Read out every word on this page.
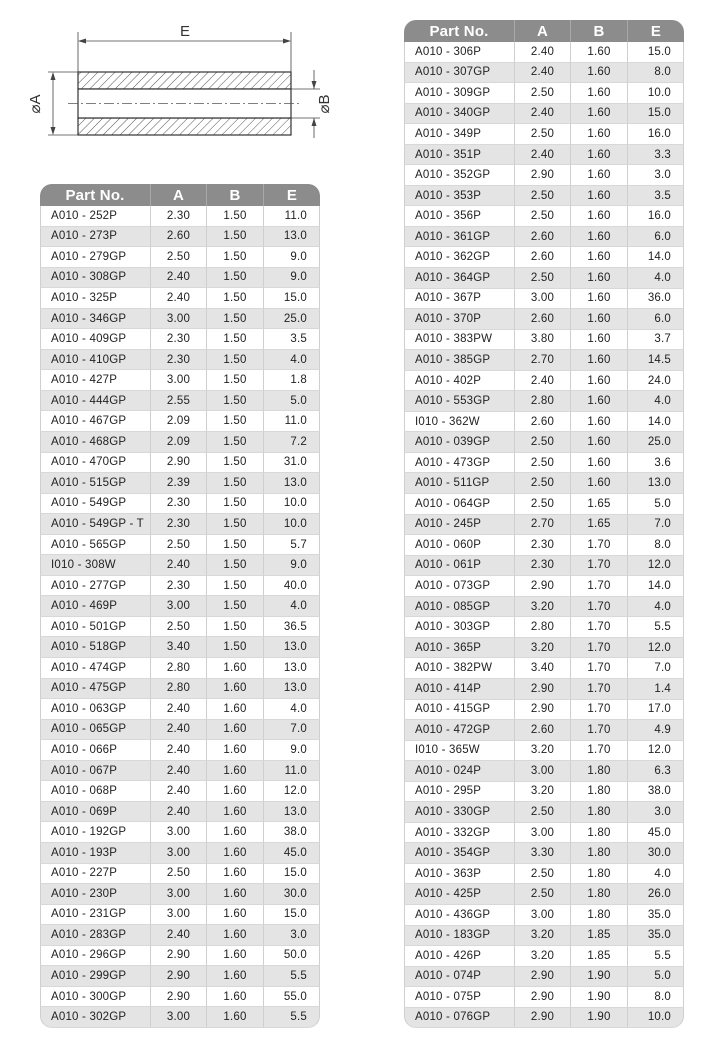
E
⌀A	⌀B
Part No.	A	B	E
A010 - 252P	2.30	1.50	11.0
A010 - 273P	2.60	1.50	13.0
A010 - 279GP	2.50	1.50	9.0
A010 - 308GP	2.40	1.50	9.0
A010 - 325P	2.40	1.50	15.0
A010 - 346GP	3.00	1.50	25.0
A010 - 409GP	2.30	1.50	3.5
A010 - 410GP	2.30	1.50	4.0
A010 - 427P	3.00	1.50	1.8
A010 - 444GP	2.55	1.50	5.0
A010 - 467GP	2.09	1.50	11.0
A010 - 468GP	2.09	1.50	7.2
A010 - 470GP	2.90	1.50	31.0
A010 - 515GP	2.39	1.50	13.0
A010 - 549GP	2.30	1.50	10.0
A010 - 549GP - T	2.30	1.50	10.0
A010 - 565GP	2.50	1.50	5.7
I010 - 308W	2.40	1.50	9.0
A010 - 277GP	2.30	1.50	40.0
A010 - 469P	3.00	1.50	4.0
A010 - 501GP	2.50	1.50	36.5
A010 - 518GP	3.40	1.50	13.0
A010 - 474GP	2.80	1.60	13.0
A010 - 475GP	2.80	1.60	13.0
A010 - 063GP	2.40	1.60	4.0
A010 - 065GP	2.40	1.60	7.0
A010 - 066P	2.40	1.60	9.0
A010 - 067P	2.40	1.60	11.0
A010 - 068P	2.40	1.60	12.0
A010 - 069P	2.40	1.60	13.0
A010 - 192GP	3.00	1.60	38.0
A010 - 193P	3.00	1.60	45.0
A010 - 227P	2.50	1.60	15.0
A010 - 230P	3.00	1.60	30.0
A010 - 231GP	3.00	1.60	15.0
A010 - 283GP	2.40	1.60	3.0
A010 - 296GP	2.90	1.60	50.0
A010 - 299GP	2.90	1.60	5.5
A010 - 300GP	2.90	1.60	55.0
A010 - 302GP	3.00	1.60	5.5
Part No.	A	B	E
A010 - 306P	2.40	1.60	15.0
A010 - 307GP	2.40	1.60	8.0
A010 - 309GP	2.50	1.60	10.0
A010 - 340GP	2.40	1.60	15.0
A010 - 349P	2.50	1.60	16.0
A010 - 351P	2.40	1.60	3.3
A010 - 352GP	2.90	1.60	3.0
A010 - 353P	2.50	1.60	3.5
A010 - 356P	2.50	1.60	16.0
A010 - 361GP	2.60	1.60	6.0
A010 - 362GP	2.60	1.60	14.0
A010 - 364GP	2.50	1.60	4.0
A010 - 367P	3.00	1.60	36.0
A010 - 370P	2.60	1.60	6.0
A010 - 383PW	3.80	1.60	3.7
A010 - 385GP	2.70	1.60	14.5
A010 - 402P	2.40	1.60	24.0
A010 - 553GP	2.80	1.60	4.0
I010 - 362W	2.60	1.60	14.0
A010 - 039GP	2.50	1.60	25.0
A010 - 473GP	2.50	1.60	3.6
A010 - 511GP	2.50	1.60	13.0
A010 - 064GP	2.50	1.65	5.0
A010 - 245P	2.70	1.65	7.0
A010 - 060P	2.30	1.70	8.0
A010 - 061P	2.30	1.70	12.0
A010 - 073GP	2.90	1.70	14.0
A010 - 085GP	3.20	1.70	4.0
A010 - 303GP	2.80	1.70	5.5
A010 - 365P	3.20	1.70	12.0
A010 - 382PW	3.40	1.70	7.0
A010 - 414P	2.90	1.70	1.4
A010 - 415GP	2.90	1.70	17.0
A010 - 472GP	2.60	1.70	4.9
I010 - 365W	3.20	1.70	12.0
A010 - 024P	3.00	1.80	6.3
A010 - 295P	3.20	1.80	38.0
A010 - 330GP	2.50	1.80	3.0
A010 - 332GP	3.00	1.80	45.0
A010 - 354GP	3.30	1.80	30.0
A010 - 363P	2.50	1.80	4.0
A010 - 425P	2.50	1.80	26.0
A010 - 436GP	3.00	1.80	35.0
A010 - 183GP	3.20	1.85	35.0
A010 - 426P	3.20	1.85	5.5
A010 - 074P	2.90	1.90	5.0
A010 - 075P	2.90	1.90	8.0
A010 - 076GP	2.90	1.90	10.0
